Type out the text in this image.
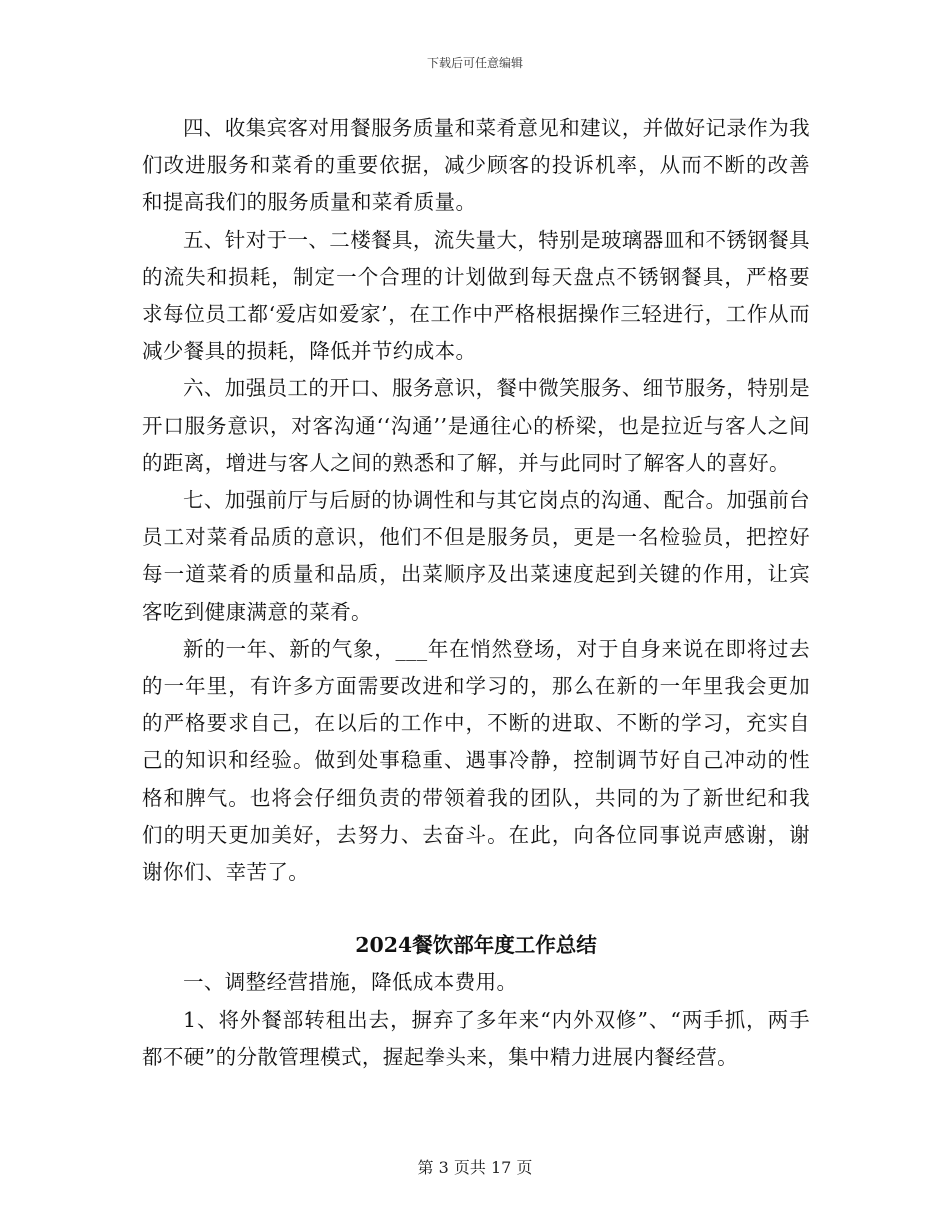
下载后可任意编辑

四、收集宾客对用餐服务质量和菜肴意见和建议，并做好记录作为我们改进服务和菜肴的重要依据，减少顾客的投诉机率，从而不断的改善和提高我们的服务质量和菜肴质量。

五、针对于一、二楼餐具，流失量大，特别是玻璃器皿和不锈钢餐具的流失和损耗，制定一个合理的计划做到每天盘点不锈钢餐具，严格要求每位员工都‘爱店如爱家’，在工作中严格根据操作三轻进行，工作从而减少餐具的损耗，降低并节约成本。

六、加强员工的开口、服务意识，餐中微笑服务、细节服务，特别是开口服务意识，对客沟通‘‘沟通’’是通往心的桥梁，也是拉近与客人之间的距离，增进与客人之间的熟悉和了解，并与此同时了解客人的喜好。

七、加强前厅与后厨的协调性和与其它岗点的沟通、配合。加强前台员工对菜肴品质的意识，他们不但是服务员，更是一名检验员，把控好每一道菜肴的质量和品质，出菜顺序及出菜速度起到关键的作用，让宾客吃到健康满意的菜肴。

新的一年、新的气象，___年在悄然登场，对于自身来说在即将过去的一年里，有许多方面需要改进和学习的，那么在新的一年里我会更加的严格要求自己，在以后的工作中，不断的进取、不断的学习，充实自己的知识和经验。做到处事稳重、遇事冷静，控制调节好自己冲动的性格和脾气。也将会仔细负责的带领着我的团队，共同的为了新世纪和我们的明天更加美好，去努力、去奋斗。在此，向各位同事说声感谢，谢谢你们、幸苦了。

2024餐饮部年度工作总结

一、调整经营措施，降低成本费用。

1、将外餐部转租出去，摒弃了多年来“内外双修”、“两手抓，两手都不硬”的分散管理模式，握起拳头来，集中精力进展内餐经营。

第 3 页共 17 页
